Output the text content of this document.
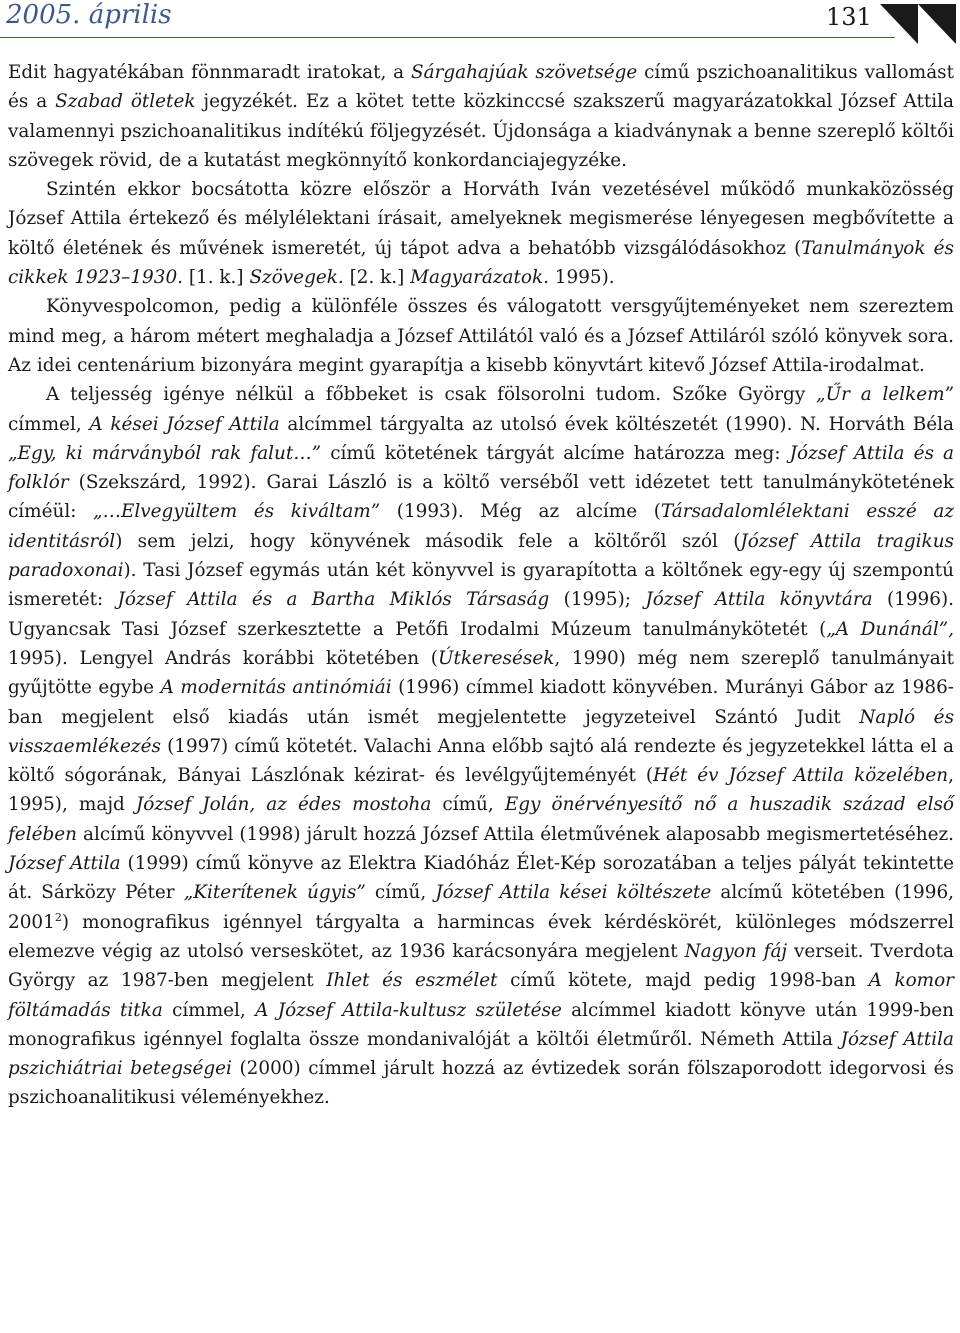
2005. április	131

Edit hagyatékában fönnmaradt iratokat, a Sárgahajúak szövetsége című pszichoanalitikus vallomást és a Szabad ötletek jegyzékét. Ez a kötet tette közkinccsé szakszerű magyarázatokkal József Attila valamennyi pszichoanalitikus indítékú följegyzését. Újdonsága a kiadványnak a benne szereplő költői szövegek rövid, de a kutatást megkönnyítő konkordanciajegyzéke.

Szintén ekkor bocsátotta közre először a Horváth Iván vezetésével működő munkaközösség József Attila értekező és mélylélektani írásait, amelyeknek megismerése lényegesen megbővítette a költő életének és művének ismeretét, új tápot adva a behatóbb vizsgálódásokhoz (Tanulmányok és cikkek 1923–1930. [1. k.] Szövegek. [2. k.] Magyarázatok. 1995).

Könyvespolcomon, pedig a különféle összes és válogatott versgyűjteményeket nem szereztem mind meg, a három métert meghaladja a József Attilától való és a József Attiláról szóló könyvek sora. Az idei centenárium bizonyára megint gyarapítja a kisebb könyvtárt kitevő József Attila-irodalmat.

A teljesség igénye nélkül a főbbeket is csak fölsorolni tudom. Szőke György „Űr a lelkem” címmel, A kései József Attila alcímmel tárgyalta az utolsó évek költészetét (1990). N. Horváth Béla „Egy, ki márványból rak falut…” című kötetének tárgyát alcíme határozza meg: József Attila és a folklór (Szekszárd, 1992). Garai László is a költő verséből vett idézetet tett tanulmánykötetének címéül: „…Elvegyültem és kiváltam” (1993). Még az alcíme (Társadalomlélektani esszé az identitásról) sem jelzi, hogy könyvének második fele a költőről szól (József Attila tragikus paradoxonai). Tasi József egymás után két könyvvel is gyarapította a költőnek egy-egy új szempontú ismeretét: József Attila és a Bartha Miklós Társaság (1995); József Attila könyvtára (1996). Ugyancsak Tasi József szerkesztette a Petőfi Irodalmi Múzeum tanulmánykötetét („A Dunánál”, 1995). Lengyel András korábbi kötetében (Útkeresések, 1990) még nem szereplő tanulmányait gyűjtötte egybe A modernitás antinómiái (1996) címmel kiadott könyvében. Murányi Gábor az 1986-ban megjelent első kiadás után ismét megjelentette jegyzeteivel Szántó Judit Napló és visszaemlékezés (1997) című kötetét. Valachi Anna előbb sajtó alá rendezte és jegyzetekkel látta el a költő sógorának, Bányai Lászlónak kézirat- és levélgyűjteményét (Hét év József Attila közelében, 1995), majd József Jolán, az édes mostoha című, Egy önérvényesítő nő a huszadik század első felében alcímű könyvvel (1998) járult hozzá József Attila életművének alaposabb megismertetéséhez. József Attila (1999) című könyve az Elektra Kiadóház Élet-Kép sorozatában a teljes pályát tekintette át. Sárközy Péter „Kiterítenek úgyis” című, József Attila kései költészete alcímű kötetében (1996, 2001$^2$) monografikus igénnyel tárgyalta a harmincas évek kérdéskörét, különleges módszerrel elemezve végig az utolsó verseskötet, az 1936 karácsonyára megjelent Nagyon fáj verseit. Tverdota György az 1987-ben megjelent Ihlet és eszmélet című kötete, majd pedig 1998-ban A komor föltámadás titka címmel, A József Attila-kultusz születése alcímmel kiadott könyve után 1999-ben monografikus igénnyel foglalta össze mondanivalóját a költői életműről. Németh Attila József Attila pszichiátriai betegségei (2000) címmel járult hozzá az évtizedek során fölszaporodott idegorvosi és pszichoanalitikusi véleményekhez.
